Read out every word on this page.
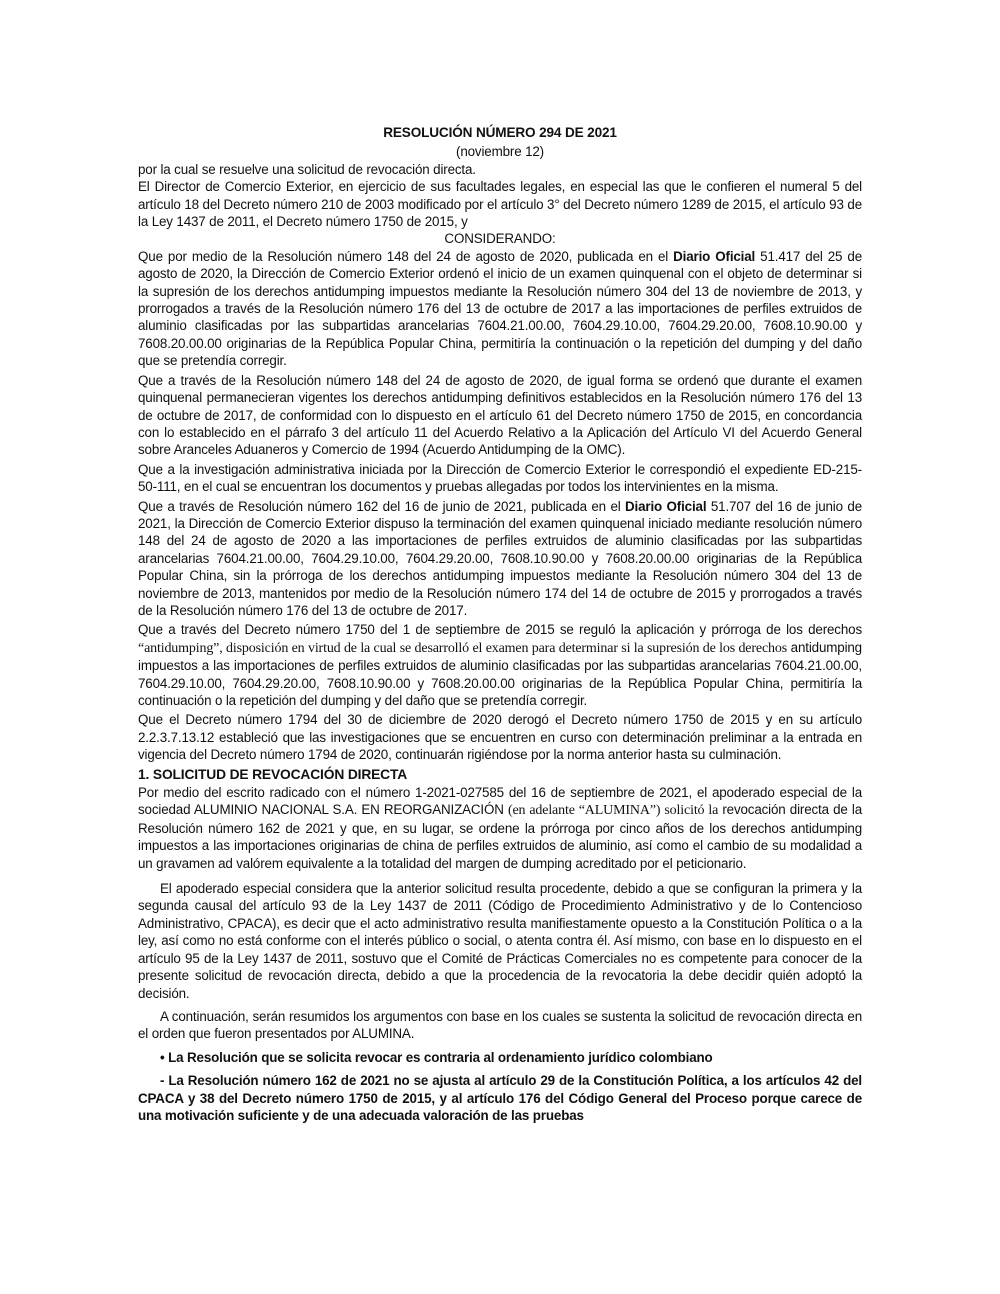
RESOLUCIÓN NÚMERO 294 DE 2021

(noviembre 12)

por la cual se resuelve una solicitud de revocación directa.

El Director de Comercio Exterior, en ejercicio de sus facultades legales, en especial las que le confieren el numeral 5 del artículo 18 del Decreto número 210 de 2003 modificado por el artículo 3° del Decreto número 1289 de 2015, el artículo 93 de la Ley 1437 de 2011, el Decreto número 1750 de 2015, y

CONSIDERANDO:

Que por medio de la Resolución número 148 del 24 de agosto de 2020, publicada en el Diario Oficial 51.417 del 25 de agosto de 2020, la Dirección de Comercio Exterior ordenó el inicio de un examen quinquenal con el objeto de determinar si la supresión de los derechos antidumping impuestos mediante la Resolución número 304 del 13 de noviembre de 2013, y prorrogados a través de la Resolución número 176 del 13 de octubre de 2017 a las importaciones de perfiles extruidos de aluminio clasificadas por las subpartidas arancelarias 7604.21.00.00, 7604.29.10.00, 7604.29.20.00, 7608.10.90.00 y 7608.20.00.00 originarias de la República Popular China, permitiría la continuación o la repetición del dumping y del daño que se pretendía corregir.

Que a través de la Resolución número 148 del 24 de agosto de 2020, de igual forma se ordenó que durante el examen quinquenal permanecieran vigentes los derechos antidumping definitivos establecidos en la Resolución número 176 del 13 de octubre de 2017, de conformidad con lo dispuesto en el artículo 61 del Decreto número 1750 de 2015, en concordancia con lo establecido en el párrafo 3 del artículo 11 del Acuerdo Relativo a la Aplicación del Artículo VI del Acuerdo General sobre Aranceles Aduaneros y Comercio de 1994 (Acuerdo Antidumping de la OMC).

Que a la investigación administrativa iniciada por la Dirección de Comercio Exterior le correspondió el expediente ED-215-50-111, en el cual se encuentran los documentos y pruebas allegadas por todos los intervinientes en la misma.

Que a través de Resolución número 162 del 16 de junio de 2021, publicada en el Diario Oficial 51.707 del 16 de junio de 2021, la Dirección de Comercio Exterior dispuso la terminación del examen quinquenal iniciado mediante resolución número 148 del 24 de agosto de 2020 a las importaciones de perfiles extruidos de aluminio clasificadas por las subpartidas arancelarias 7604.21.00.00, 7604.29.10.00, 7604.29.20.00, 7608.10.90.00 y 7608.20.00.00 originarias de la República Popular China, sin la prórroga de los derechos antidumping impuestos mediante la Resolución número 304 del 13 de noviembre de 2013, mantenidos por medio de la Resolución número 174 del 14 de octubre de 2015 y prorrogados a través de la Resolución número 176 del 13 de octubre de 2017.

Que a través del Decreto número 1750 del 1 de septiembre de 2015 se reguló la aplicación y prórroga de los derechos “antidumping”, disposición en virtud de la cual se desarrolló el examen para determinar si la supresión de los derechos antidumping impuestos a las importaciones de perfiles extruidos de aluminio clasificadas por las subpartidas arancelarias 7604.21.00.00, 7604.29.10.00, 7604.29.20.00, 7608.10.90.00 y 7608.20.00.00 originarias de la República Popular China, permitiría la continuación o la repetición del dumping y del daño que se pretendía corregir.

Que el Decreto número 1794 del 30 de diciembre de 2020 derogó el Decreto número 1750 de 2015 y en su artículo 2.2.3.7.13.12 estableció que las investigaciones que se encuentren en curso con determinación preliminar a la entrada en vigencia del Decreto número 1794 de 2020, continuarán rigiéndose por la norma anterior hasta su culminación.

1. SOLICITUD DE REVOCACIÓN DIRECTA

Por medio del escrito radicado con el número 1-2021-027585 del 16 de septiembre de 2021, el apoderado especial de la sociedad ALUMINIO NACIONAL S.A. EN REORGANIZACIÓN (en adelante “ALUMINA”) solicitó la revocación directa de la Resolución número 162 de 2021 y que, en su lugar, se ordene la prórroga por cinco años de los derechos antidumping impuestos a las importaciones originarias de china de perfiles extruidos de aluminio, así como el cambio de su modalidad a un gravamen ad valórem equivalente a la totalidad del margen de dumping acreditado por el peticionario.

El apoderado especial considera que la anterior solicitud resulta procedente, debido a que se configuran la primera y la segunda causal del artículo 93 de la Ley 1437 de 2011 (Código de Procedimiento Administrativo y de lo Contencioso Administrativo, CPACA), es decir que el acto administrativo resulta manifiestamente opuesto a la Constitución Política o a la ley, así como no está conforme con el interés público o social, o atenta contra él. Así mismo, con base en lo dispuesto en el artículo 95 de la Ley 1437 de 2011, sostuvo que el Comité de Prácticas Comerciales no es competente para conocer de la presente solicitud de revocación directa, debido a que la procedencia de la revocatoria la debe decidir quién adoptó la decisión.

A continuación, serán resumidos los argumentos con base en los cuales se sustenta la solicitud de revocación directa en el orden que fueron presentados por ALUMINA.

• La Resolución que se solicita revocar es contraria al ordenamiento jurídico colombiano

- La Resolución número 162 de 2021 no se ajusta al artículo 29 de la Constitución Política, a los artículos 42 del CPACA y 38 del Decreto número 1750 de 2015, y al artículo 176 del Código General del Proceso porque carece de una motivación suficiente y de una adecuada valoración de las pruebas
